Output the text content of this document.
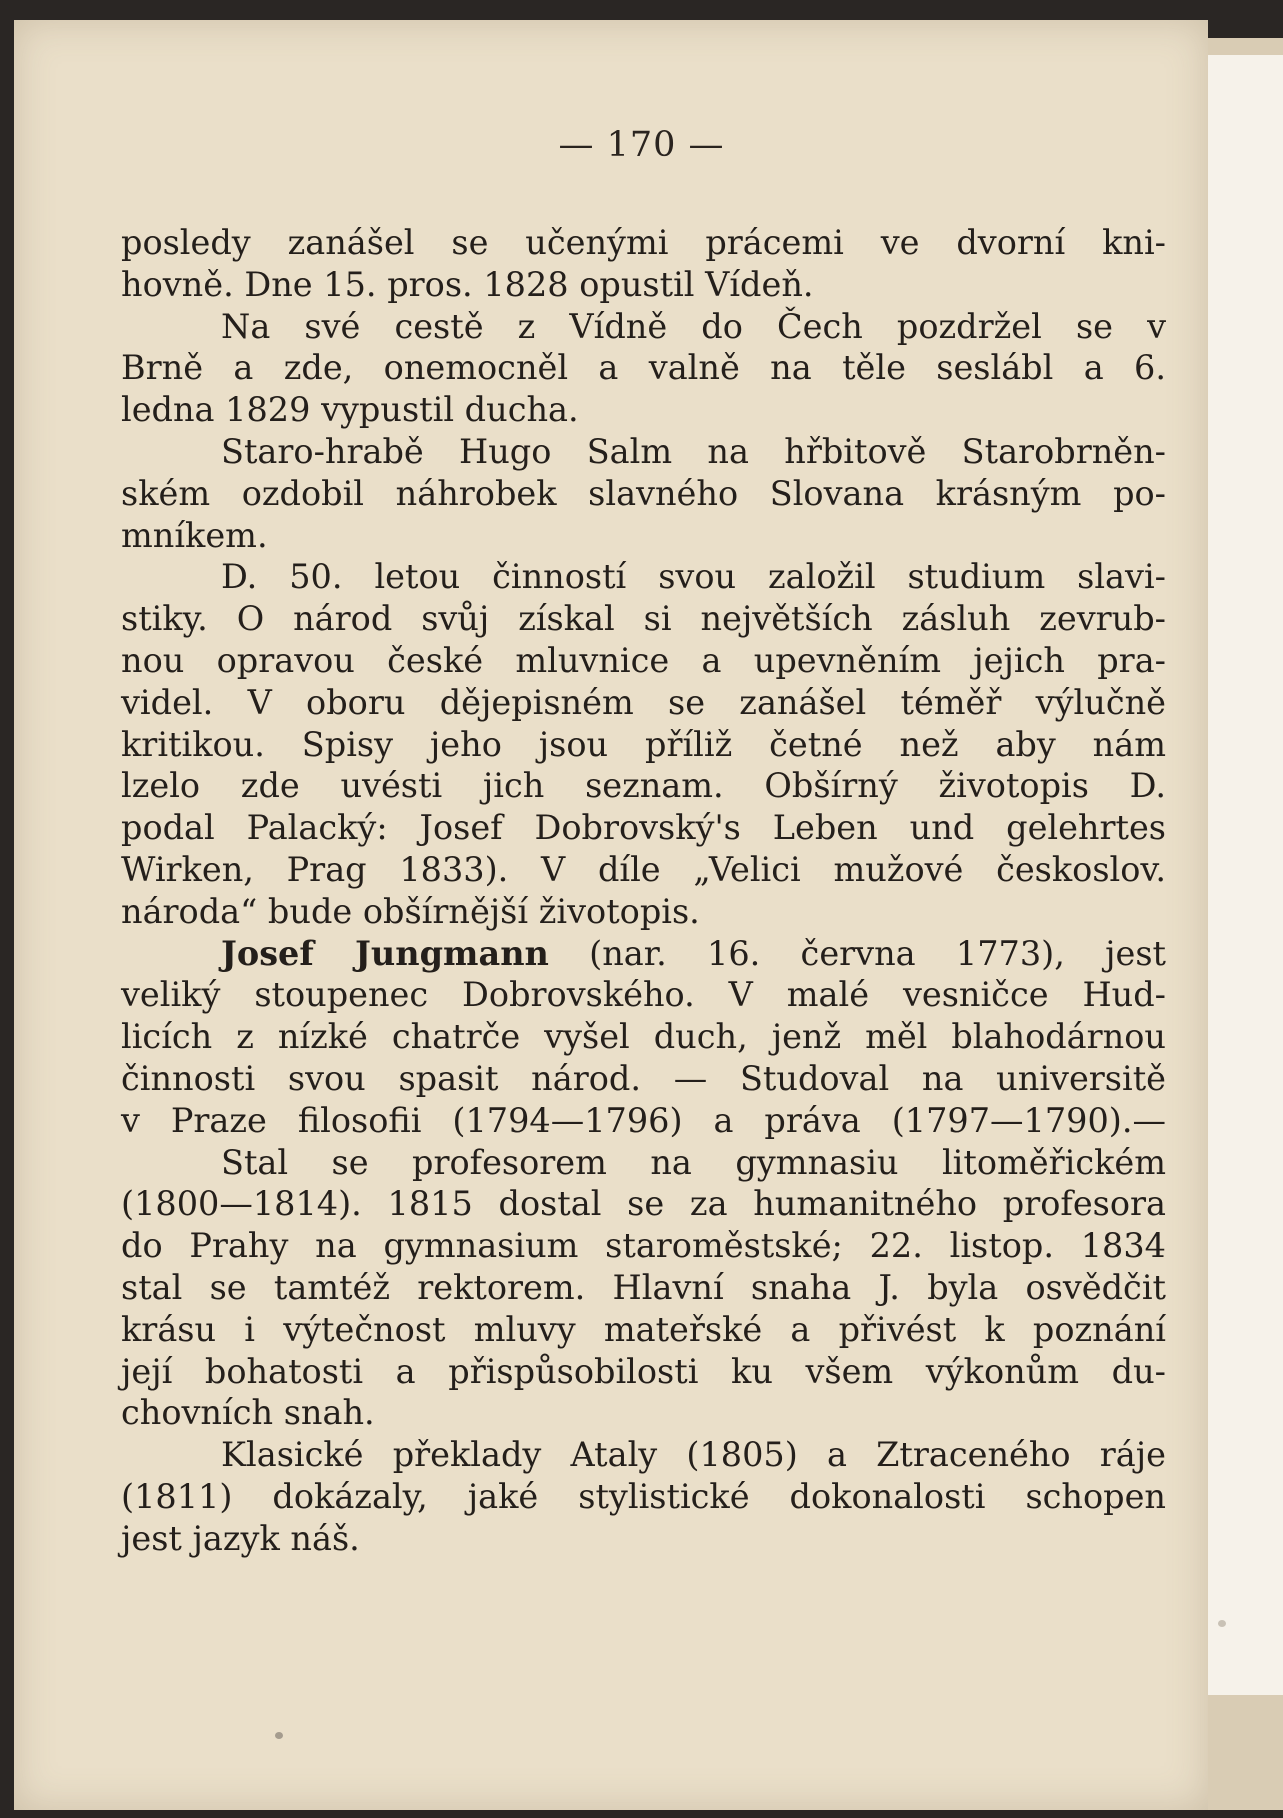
— 170 —
posledy zanášel se učenými prácemi ve dvorní kni-
hovně. Dne 15. pros. 1828 opustil Vídeň.
Na své cestě z Vídně do Čech pozdržel se v
Brně a zde, onemocněl a valně na těle seslábl a 6.
ledna 1829 vypustil ducha.
Staro-hrabě Hugo Salm na hřbitově Starobrněn-
ském ozdobil náhrobek slavného Slovana krásným po-
mníkem.
D. 50. letou činností svou založil studium slavi-
stiky. O národ svůj získal si největších zásluh zevrub-
nou opravou české mluvnice a upevněním jejich pra-
videl. V oboru dějepisném se zanášel téměř výlučně
kritikou. Spisy jeho jsou příliž četné než aby nám
lzelo zde uvésti jich seznam. Obšírný životopis D.
podal Palacký: Josef Dobrovský's Leben und gelehrtes
Wirken, Prag 1833). V díle „Velici mužové českoslov.
národa“ bude obšírnější životopis.
Josef Jungmann (nar. 16. června 1773), jest
veliký stoupenec Dobrovského. V malé vesničce Hud-
licích z nízké chatrče vyšel duch, jenž měl blahodárnou
činnosti svou spasit národ. — Studoval na universitě
v Praze filosofii (1794—1796) a práva (1797—1790).—
Stal se profesorem na gymnasiu litoměřickém
(1800—1814). 1815 dostal se za humanitného profesora
do Prahy na gymnasium staroměstské; 22. listop. 1834
stal se tamtéž rektorem. Hlavní snaha J. byla osvědčit
krásu i výtečnost mluvy mateřské a přivést k poznání
její bohatosti a přispůsobilosti ku všem výkonům du-
chovních snah.
Klasické překlady Ataly (1805) a Ztraceného ráje
(1811) dokázaly, jaké stylistické dokonalosti schopen
jest jazyk náš.
